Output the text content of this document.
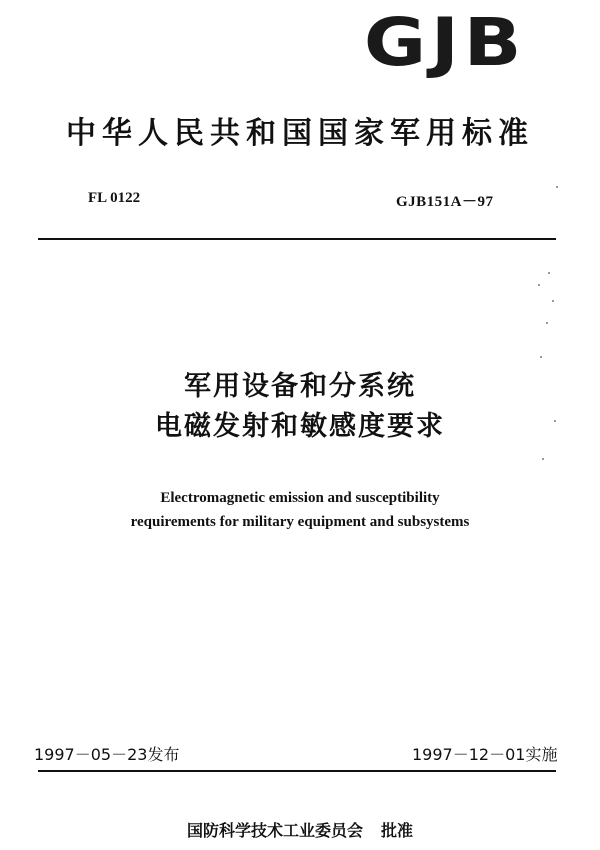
GJB
中华人民共和国国家军用标准
FL 0122	GJB151A－97
军用设备和分系统
电磁发射和敏感度要求
Electromagnetic emission and susceptibility
requirements for military equipment and subsystems
1997－05－23发布	1997－12－01实施
国防科学技术工业委员会 批准
